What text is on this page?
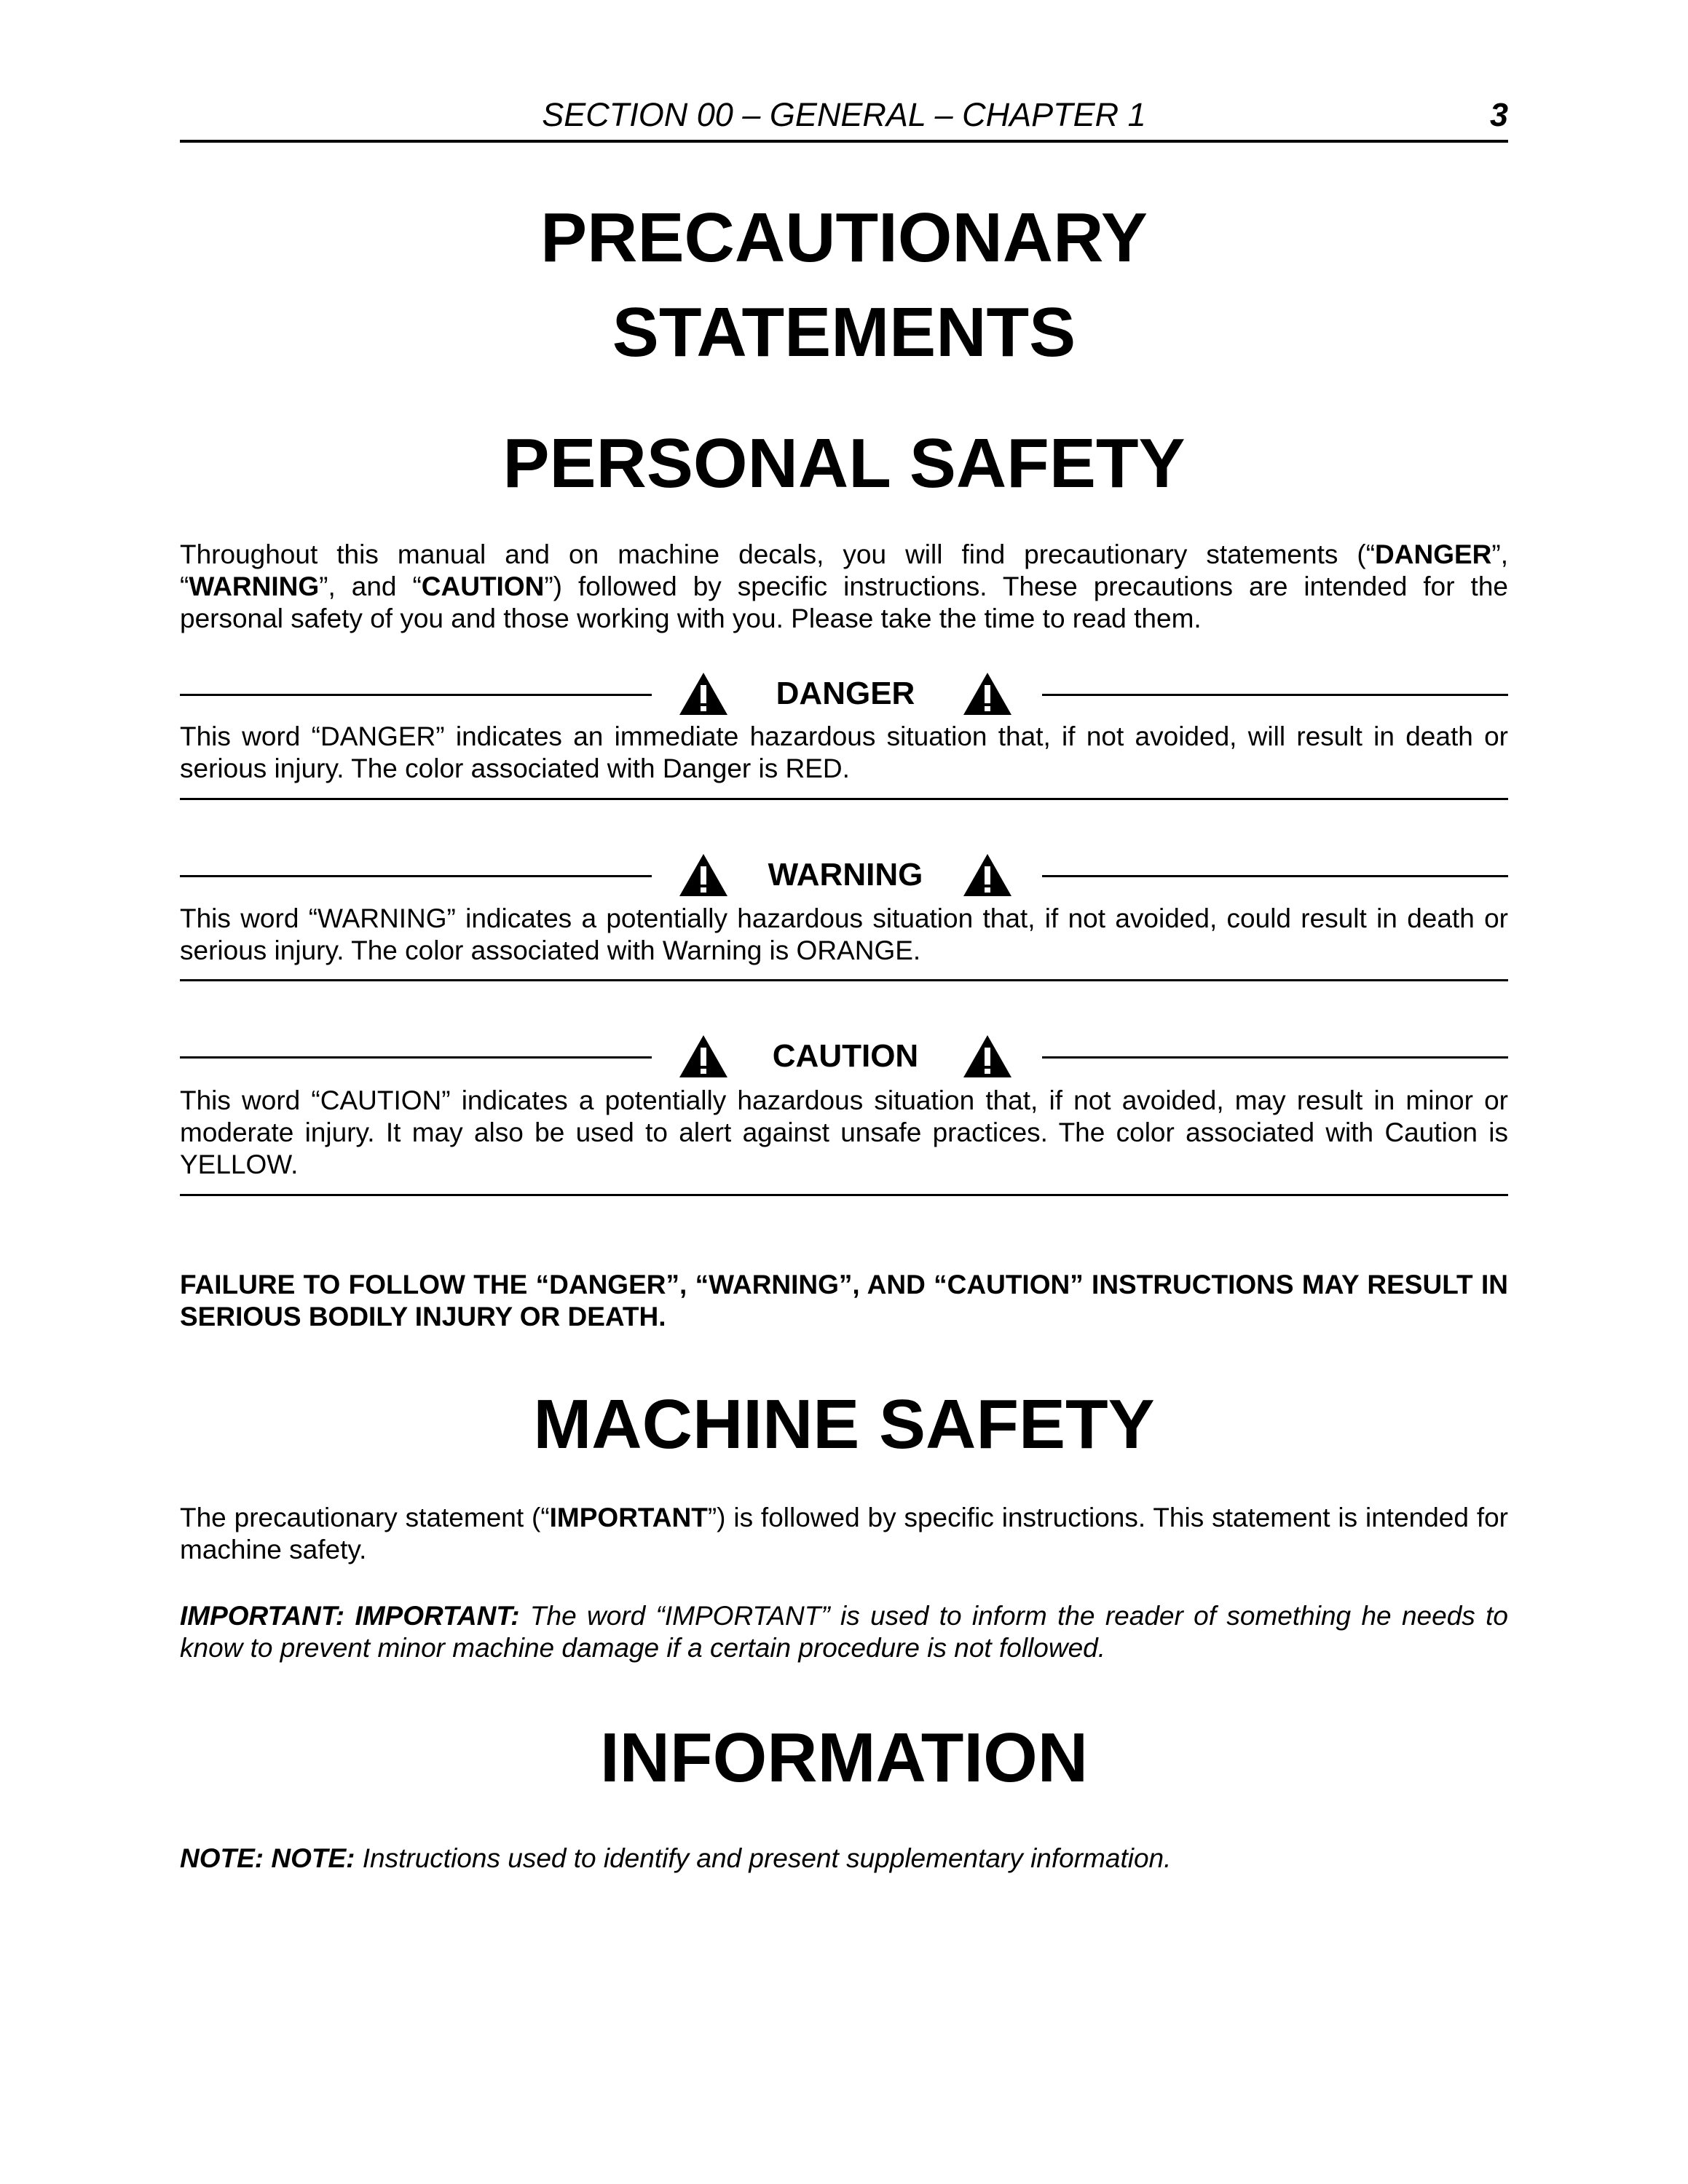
SECTION 00 – GENERAL – CHAPTER 1	3
PRECAUTIONARY
STATEMENTS
PERSONAL SAFETY

Throughout this manual and on machine decals, you will find precautionary statements (“DANGER”, “WARNING”, and “CAUTION”) followed by specific instructions. These precautions are intended for the personal safety of you and those working with you. Please take the time to read them.

DANGER

This word “DANGER” indicates an immediate hazardous situation that, if not avoided, will result in death or serious injury. The color associated with Danger is RED.

WARNING

This word “WARNING” indicates a potentially hazardous situation that, if not avoided, could result in death or serious injury. The color associated with Warning is ORANGE.

CAUTION

This word “CAUTION” indicates a potentially hazardous situation that, if not avoided, may result in minor or moderate injury. It may also be used to alert against unsafe practices. The color associated with Caution is YELLOW.

FAILURE TO FOLLOW THE “DANGER”, “WARNING”, AND “CAUTION” INSTRUCTIONS MAY RESULT IN SERIOUS BODILY INJURY OR DEATH.

MACHINE SAFETY

The precautionary statement (“IMPORTANT”) is followed by specific instructions. This statement is intended for machine safety.

IMPORTANT: IMPORTANT: The word “IMPORTANT” is used to inform the reader of something he needs to know to prevent minor machine damage if a certain procedure is not followed.

INFORMATION

NOTE: NOTE: Instructions used to identify and present supplementary information.
